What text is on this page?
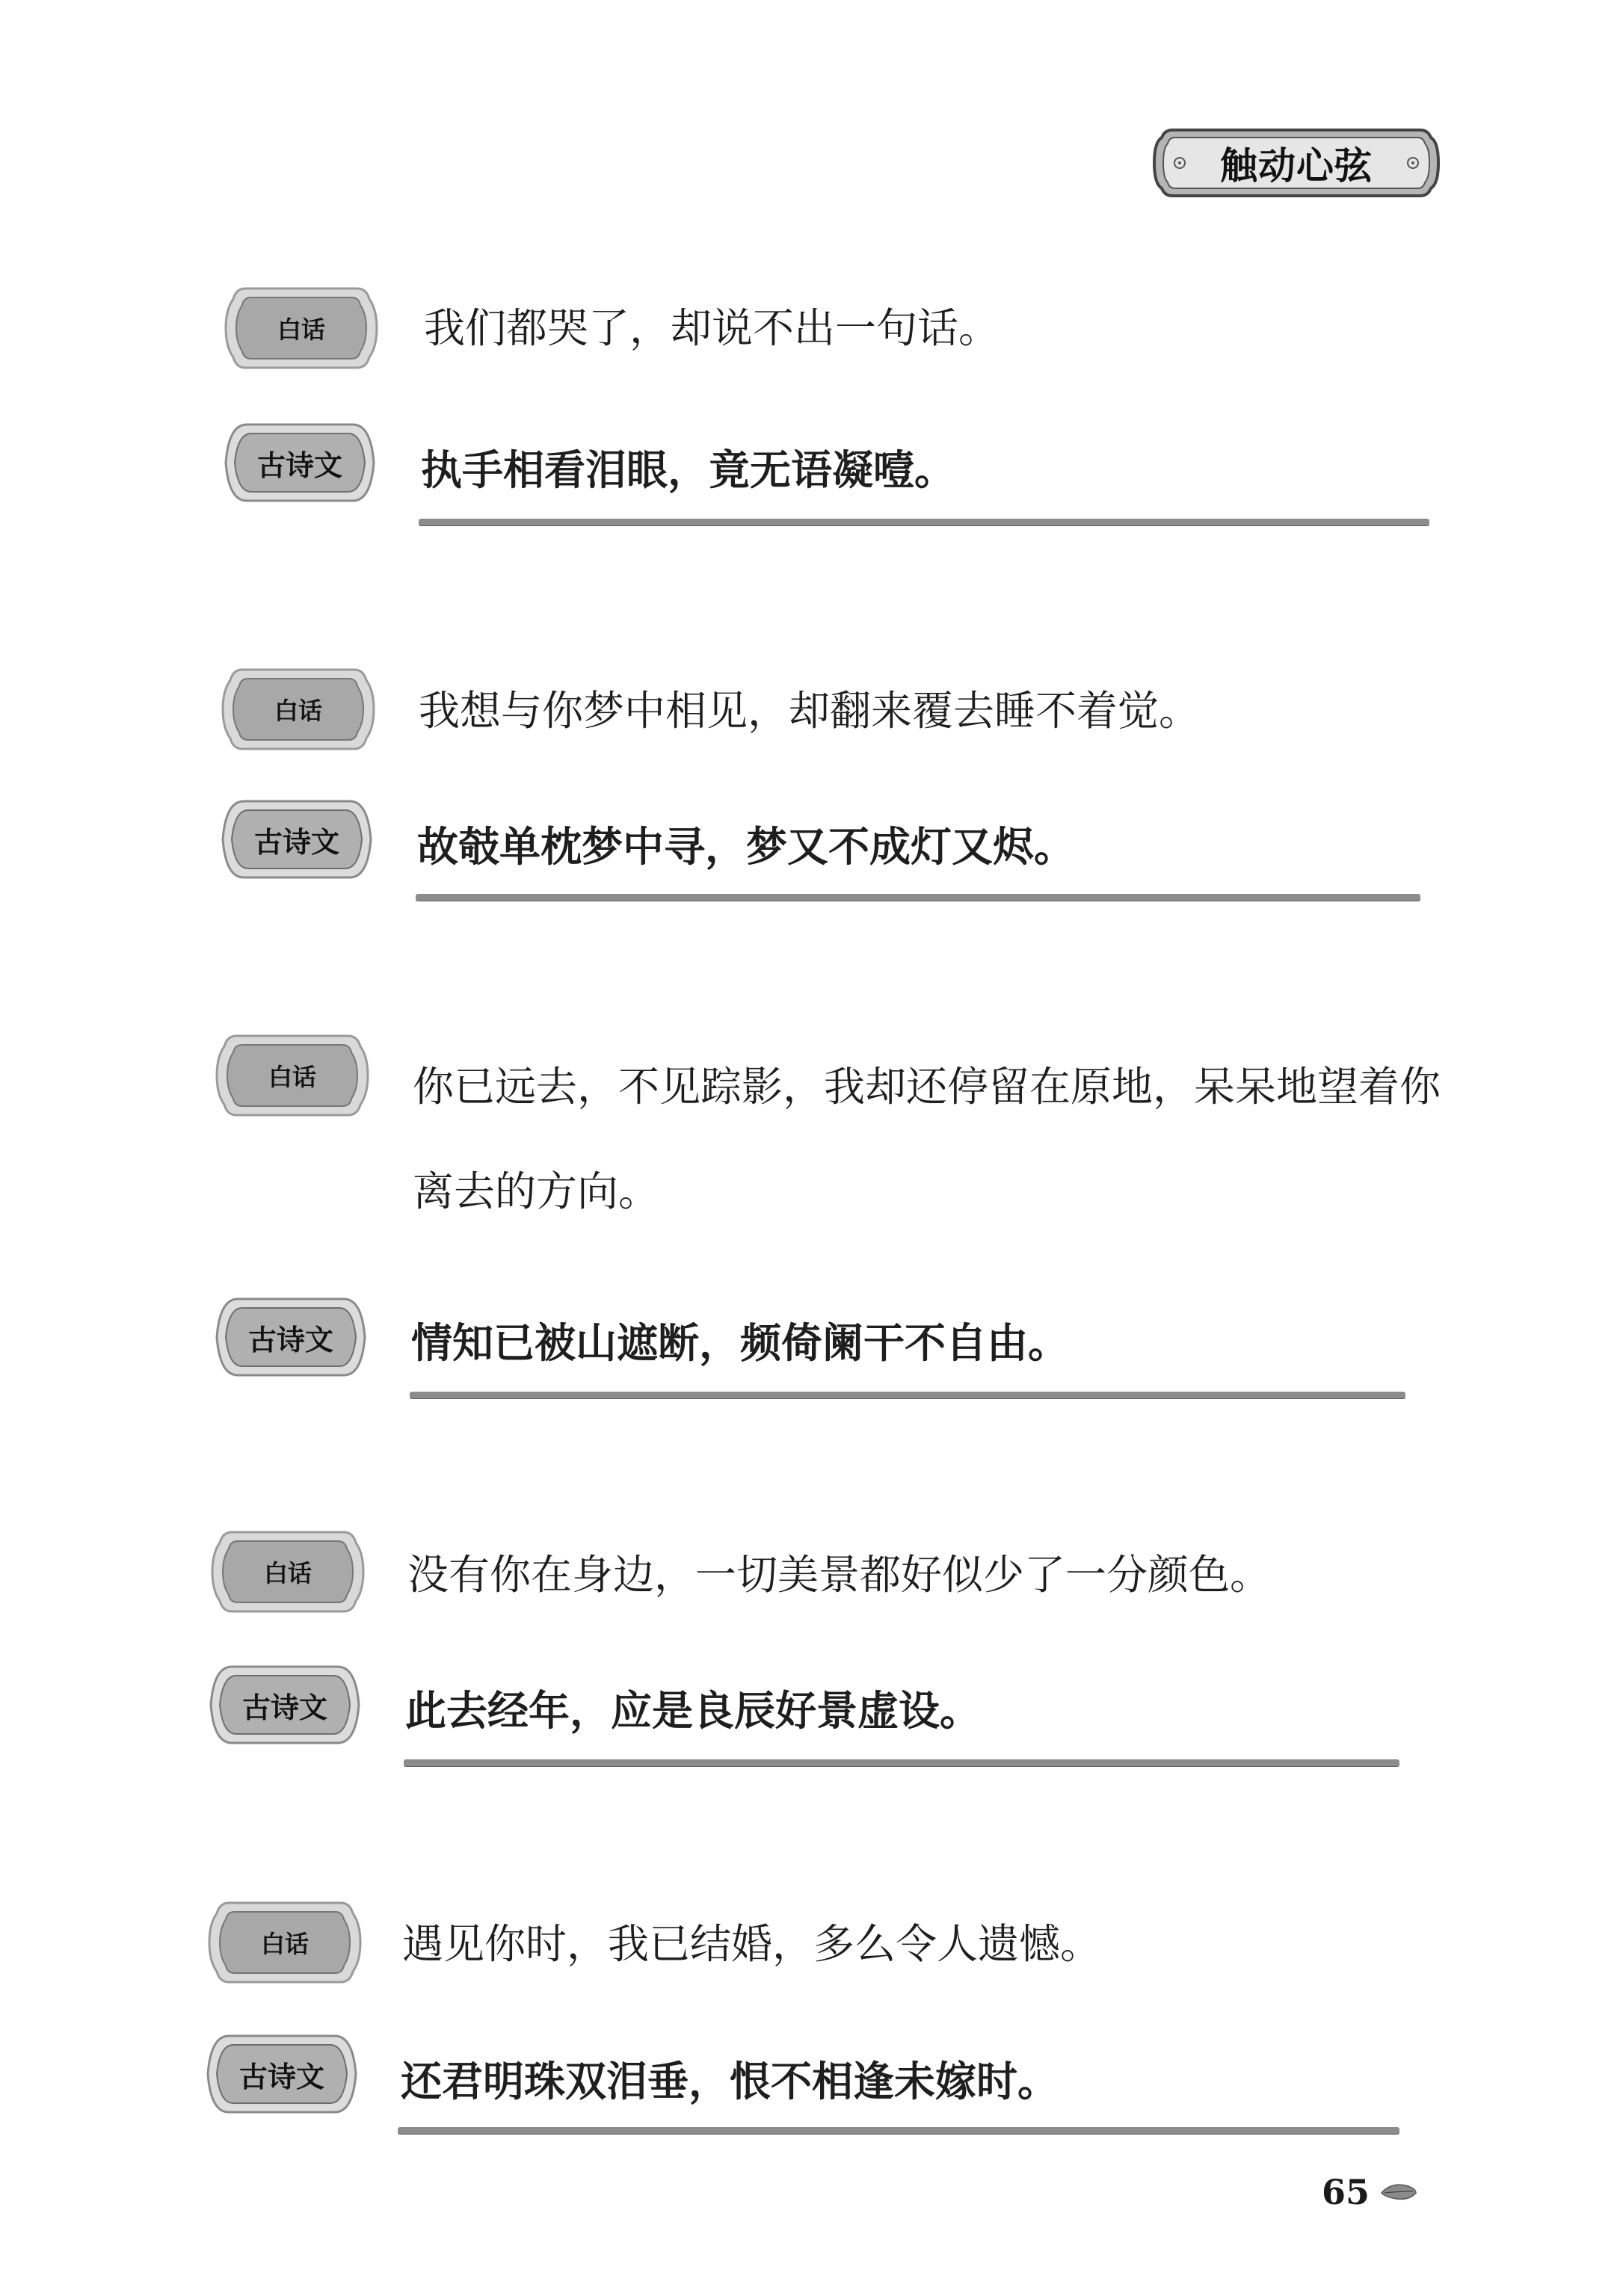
触动心弦
白话	我们都哭了，却说不出一句话。
古诗文	执手相看泪眼，竟无语凝噎。
白话	我想与你梦中相见，却翻来覆去睡不着觉。
古诗文	故攲单枕梦中寻，梦又不成灯又烬。
白话	你已远去，不见踪影，我却还停留在原地，呆呆地望着你离去的方向。
古诗文	情知已被山遮断，频倚阑干不自由。
白话	没有你在身边，一切美景都好似少了一分颜色。
古诗文	此去经年，应是良辰好景虚设。
白话	遇见你时，我已结婚，多么令人遗憾。
古诗文	还君明珠双泪垂，恨不相逢未嫁时。
65
